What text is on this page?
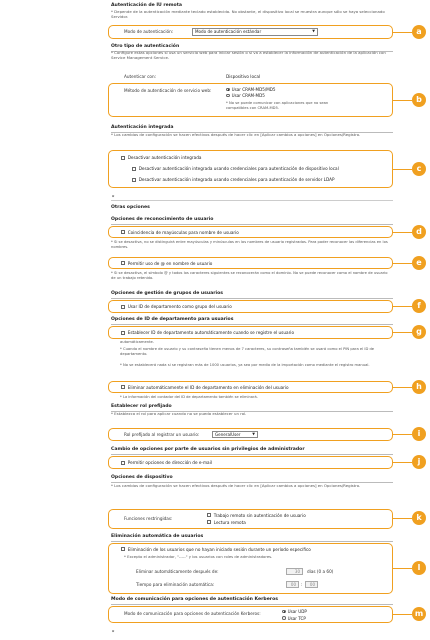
Autenticación de IU remota
* Depende de la autenticación mediante teclado establecida. No obstante, el dispositivo local se muestra aunque sólo se haya seleccionado Servidor.
Modo de autenticación:	Modo de autenticación estándar	▼	a
Otro tipo de autenticación
* Configure estas opciones si usa un servicio web para iniciar sesión o si va a establecer la información de autenticación de la aplicación con Service Management Service.
Autenticar con:	Dispositivo local
Método de autenticación de servicio web:	Usar CRAM-MD5/MD5
Usar CRAM-MD5
* No se puede comunicar con aplicaciones que no sean compatibles con CRAM-MD5.
b
Autenticación integrada
* Los cambios de configuración se hacen efectivos después de hacer clic en [Aplicar cambios a opciones] en Opciones/Registro.
Desactivar autenticación integrada
Desactivar autenticación integrada usando credenciales para autenticación de dispositivo local
Desactivar autenticación integrada usando credenciales para autenticación de servidor LDAP
c
⌅
Otras opciones
Opciones de reconocimiento de usuario
Coincidencia de mayúsculas para nombre de usuario
* Si se desactiva, no se distinguirá entre mayúsculas y minúsculas en los nombres de usuario registrados. Para poder reconocer las diferencias en los nombres.
d
Permitir uso de @ en nombre de usuario
* Si se desactiva, el símbolo @ y todos los caracteres siguientes se reconocerán como el dominio. No se puede reconocer como el nombre de usuario de un trabajo retenido.
e
Opciones de gestión de grupos de usuarios
Usar ID de departamento como grupo del usuario	f
Opciones de ID de departamento para usuarios
Establecer ID de departamento automáticamente cuando se registre el usuario	g
automáticamente.
* Cuando el nombre de usuario y su contraseña tienen menos de 7 caracteres, su contraseña también se usará como el PIN para el ID de departamento.
* No se establecerá nada si se registran más de 1000 usuarios, ya sea por medio de la importación como mediante el registro manual.
Eliminar automáticamente el ID de departamento en eliminación del usuario
* La información del contador del ID de departamento también se eliminará.
h
Establecer rol prefijado
* Establezca el rol para aplicar cuando no se pueda establecer un rol.
Rol prefijado al registrar un usuario:	GeneralUser	▼	i
Cambio de opciones por parte de usuarios sin privilegios de administrador
Permitir opciones de dirección de e-mail	j
Opciones de dispositivo
* Los cambios de configuración se hacen efectivos después de hacer clic en [Aplicar cambios a opciones] en Opciones/Registro.
Funciones restringidas:
Trabajo remoto sin autenticación de usuario
Lectura remota	k
Eliminación automática de usuarios
Eliminación de los usuarios que no hayan iniciado sesión durante un período específico
* Excepto el administrador, "-----" y los usuarios con roles de administradores.
Eliminar automáticamente después de:	30	días (0 a 60)
Tiempo para eliminación automática:	00	:	00
l
Modo de comunicación para opciones de autenticación Kerberos
Modo de comunicación para opciones de autenticación Kerberos:	Usar UDP
Usar TCP	m
⌅
